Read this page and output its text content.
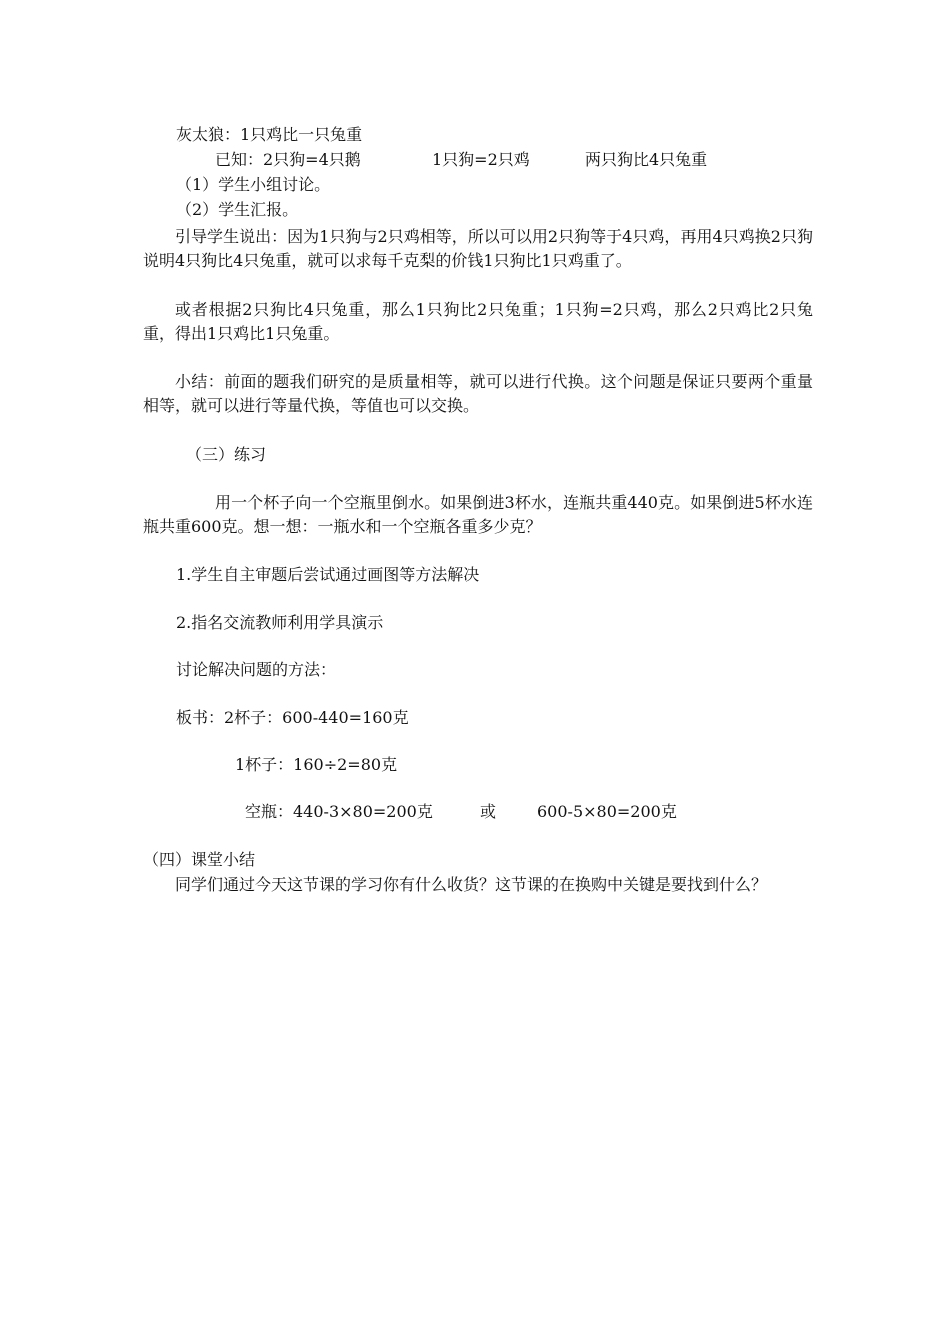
灰太狼：1只鸡比一只兔重
已知：2只狗=4只鹅	1只狗=2只鸡	两只狗比4只兔重
（1）学生小组讨论。
（2）学生汇报。
引导学生说出：因为1只狗与2只鸡相等，所以可以用2只狗等于4只鸡，再用4只鸡换2只狗说明4只狗比4只兔重，就可以求每千克梨的价钱1只狗比1只鸡重了。
或者根据2只狗比4只兔重，那么1只狗比2只兔重；1只狗=2只鸡，那么2只鸡比2只兔重，得出1只鸡比1只兔重。
小结：前面的题我们研究的是质量相等，就可以进行代换。这个问题是保证只要两个重量相等，就可以进行等量代换，等值也可以交换。
（三）练习
用一个杯子向一个空瓶里倒水。如果倒进3杯水，连瓶共重440克。如果倒进5杯水连瓶共重600克。想一想：一瓶水和一个空瓶各重多少克？
1.学生自主审题后尝试通过画图等方法解决
2.指名交流教师利用学具演示
讨论解决问题的方法：
板书：2杯子：600-440=160克
1杯子：160÷2=80克
空瓶：440-3×80=200克	或	600-5×80=200克
（四）课堂小结
同学们通过今天这节课的学习你有什么收货？这节课的在换购中关键是要找到什么？
